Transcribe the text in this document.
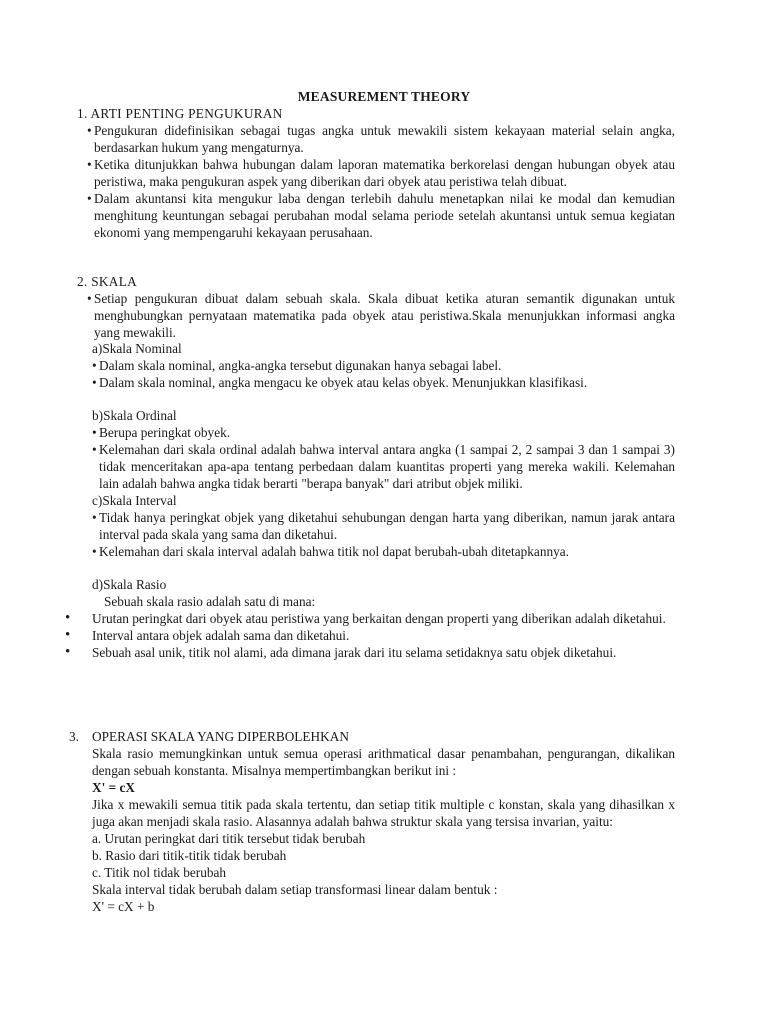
MEASUREMENT THEORY
1. ARTI PENTING PENGUKURAN
• Pengukuran didefinisikan sebagai tugas angka untuk mewakili sistem kekayaan material selain angka, berdasarkan hukum yang mengaturnya.
• Ketika ditunjukkan bahwa hubungan dalam laporan matematika berkorelasi dengan hubungan obyek atau peristiwa, maka pengukuran aspek yang diberikan dari obyek atau peristiwa telah dibuat.
• Dalam akuntansi kita mengukur laba dengan terlebih dahulu menetapkan nilai ke modal dan kemudian menghitung keuntungan sebagai perubahan modal selama periode setelah akuntansi untuk semua kegiatan ekonomi yang mempengaruhi kekayaan perusahaan.
2. SKALA
• Setiap pengukuran dibuat dalam sebuah skala. Skala dibuat ketika aturan semantik digunakan untuk menghubungkan pernyataan matematika pada obyek atau peristiwa.Skala menunjukkan informasi angka yang mewakili.
a)Skala Nominal
• Dalam skala nominal, angka-angka tersebut digunakan hanya sebagai label.
• Dalam skala nominal, angka mengacu ke obyek atau kelas obyek. Menunjukkan klasifikasi.
b)Skala Ordinal
• Berupa peringkat obyek.
• Kelemahan dari skala ordinal adalah bahwa interval antara angka (1 sampai 2, 2 sampai 3 dan 1 sampai 3) tidak menceritakan apa-apa tentang perbedaan dalam kuantitas properti yang mereka wakili. Kelemahan lain adalah bahwa angka tidak berarti "berapa banyak" dari atribut objek miliki.
c)Skala Interval
• Tidak hanya peringkat objek yang diketahui sehubungan dengan harta yang diberikan, namun jarak antara interval pada skala yang sama dan diketahui.
• Kelemahan dari skala interval adalah bahwa titik nol dapat berubah-ubah ditetapkannya.
d)Skala Rasio
Sebuah skala rasio adalah satu di mana:
• Urutan peringkat dari obyek atau peristiwa yang berkaitan dengan properti yang diberikan adalah diketahui.
• Interval antara objek adalah sama dan diketahui.
• Sebuah asal unik, titik nol alami, ada dimana jarak dari itu selama setidaknya satu objek diketahui.
3. OPERASI SKALA YANG DIPERBOLEHKAN
Skala rasio memungkinkan untuk semua operasi arithmatical dasar penambahan, pengurangan, dikalikan dengan sebuah konstanta. Misalnya mempertimbangkan berikut ini :
X' = cX
Jika x mewakili semua titik pada skala tertentu, dan setiap titik multiple c konstan, skala yang dihasilkan x juga akan menjadi skala rasio. Alasannya adalah bahwa struktur skala yang tersisa invarian, yaitu:
a. Urutan peringkat dari titik tersebut tidak berubah
b. Rasio dari titik-titik tidak berubah
c. Titik nol tidak berubah
Skala interval tidak berubah dalam setiap transformasi linear dalam bentuk :
X' = cX + b
